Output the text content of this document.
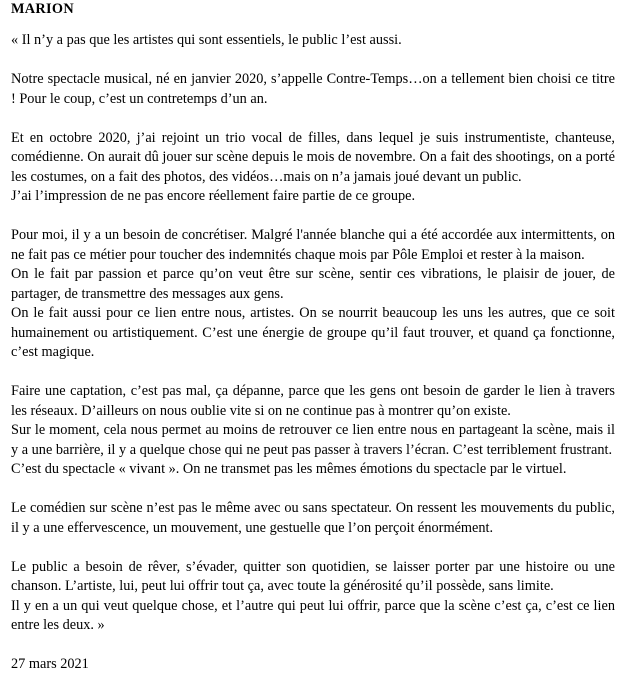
MARION

« Il n’y a pas que les artistes qui sont essentiels, le public l’est aussi.

Notre spectacle musical, né en janvier 2020, s’appelle Contre-Temps…on a tellement bien choisi ce titre ! Pour le coup, c’est un contretemps d’un an.

Et en octobre 2020, j’ai rejoint un trio vocal de filles, dans lequel je suis instrumentiste, chanteuse, comédienne. On aurait dû jouer sur scène depuis le mois de novembre. On a fait des shootings, on a porté les costumes, on a fait des photos, des vidéos…mais on n’a jamais joué devant un public.
J’ai l’impression de ne pas encore réellement faire partie de ce groupe.

Pour moi, il y a un besoin de concrétiser. Malgré l'année blanche qui a été accordée aux intermittents, on ne fait pas ce métier pour toucher des indemnités chaque mois par Pôle Emploi et rester à la maison.
On le fait par passion et parce qu’on veut être sur scène, sentir ces vibrations, le plaisir de jouer, de partager, de transmettre des messages aux gens.
On le fait aussi pour ce lien entre nous, artistes. On se nourrit beaucoup les uns les autres, que ce soit humainement ou artistiquement. C’est une énergie de groupe qu’il faut trouver, et quand ça fonctionne, c’est magique.

Faire une captation, c’est pas mal, ça dépanne, parce que les gens ont besoin de garder le lien à travers les réseaux. D’ailleurs on nous oublie vite si on ne continue pas à montrer qu’on existe.
Sur le moment, cela nous permet au moins de retrouver ce lien entre nous en partageant la scène, mais il y a une barrière, il y a quelque chose qui ne peut pas passer à travers l’écran. C’est terriblement frustrant.
C’est du spectacle « vivant ». On ne transmet pas les mêmes émotions du spectacle par le virtuel.

Le comédien sur scène n’est pas le même avec ou sans spectateur. On ressent les mouvements du public, il y a une effervescence, un mouvement, une gestuelle que l’on perçoit énormément.

Le public a besoin de rêver, s’évader, quitter son quotidien, se laisser porter par une histoire ou une chanson. L’artiste, lui, peut lui offrir tout ça, avec toute la générosité qu’il possède, sans limite.
Il y en a un qui veut quelque chose, et l’autre qui peut lui offrir, parce que la scène c’est ça, c’est ce lien entre les deux. »

27 mars 2021
